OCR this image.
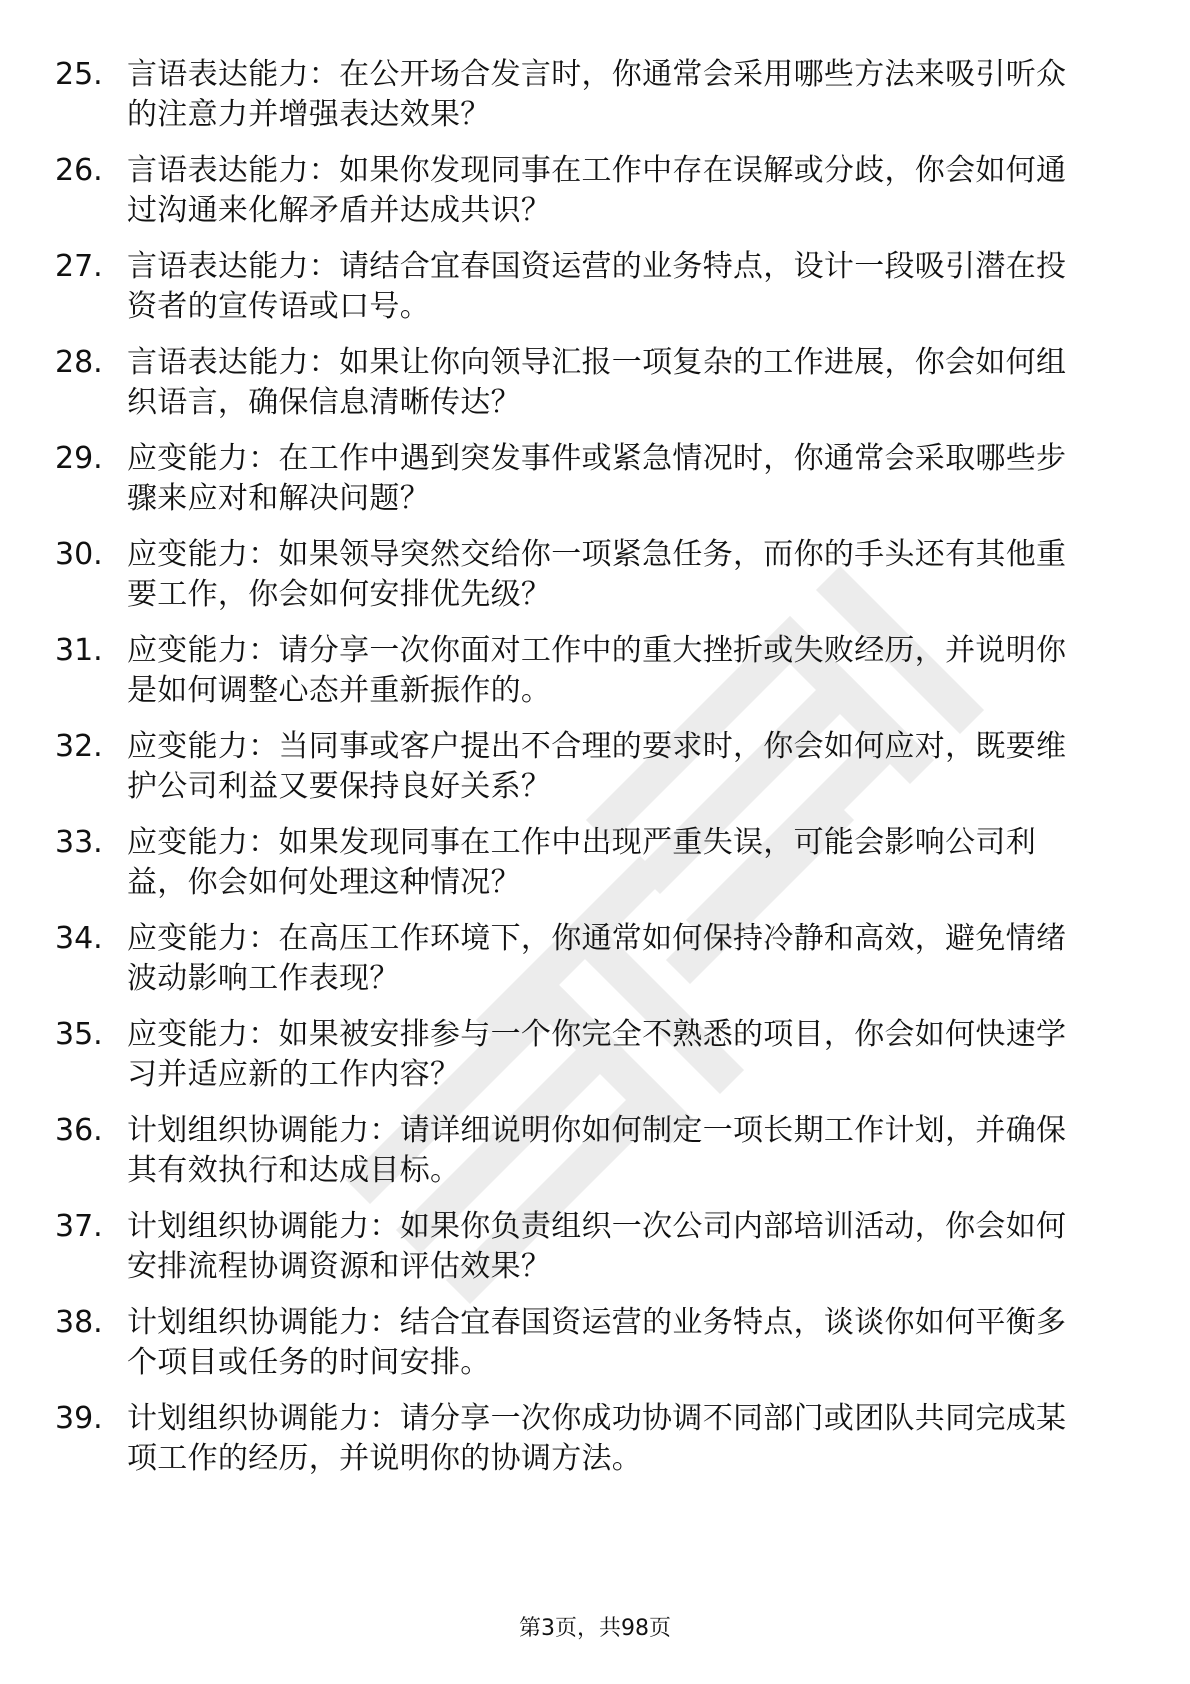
25. 言语表达能力：在公开场合发言时，你通常会采用哪些方法来吸引听众的注意力并增强表达效果？
26. 言语表达能力：如果你发现同事在工作中存在误解或分歧，你会如何通过沟通来化解矛盾并达成共识？
27. 言语表达能力：请结合宜春国资运营的业务特点，设计一段吸引潜在投资者的宣传语或口号。
28. 言语表达能力：如果让你向领导汇报一项复杂的工作进展，你会如何组织语言，确保信息清晰传达？
29. 应变能力：在工作中遇到突发事件或紧急情况时，你通常会采取哪些步骤来应对和解决问题？
30. 应变能力：如果领导突然交给你一项紧急任务，而你的手头还有其他重要工作，你会如何安排优先级？
31. 应变能力：请分享一次你面对工作中的重大挫折或失败经历，并说明你是如何调整心态并重新振作的。
32. 应变能力：当同事或客户提出不合理的要求时，你会如何应对，既要维护公司利益又要保持良好关系？
33. 应变能力：如果发现同事在工作中出现严重失误，可能会影响公司利益，你会如何处理这种情况？
34. 应变能力：在高压工作环境下，你通常如何保持冷静和高效，避免情绪波动影响工作表现？
35. 应变能力：如果被安排参与一个你完全不熟悉的项目，你会如何快速学习并适应新的工作内容？
36. 计划组织协调能力：请详细说明你如何制定一项长期工作计划，并确保其有效执行和达成目标。
37. 计划组织协调能力：如果你负责组织一次公司内部培训活动，你会如何安排流程协调资源和评估效果？
38. 计划组织协调能力：结合宜春国资运营的业务特点，谈谈你如何平衡多个项目或任务的时间安排。
39. 计划组织协调能力：请分享一次你成功协调不同部门或团队共同完成某项工作的经历，并说明你的协调方法。
第3页，共98页
